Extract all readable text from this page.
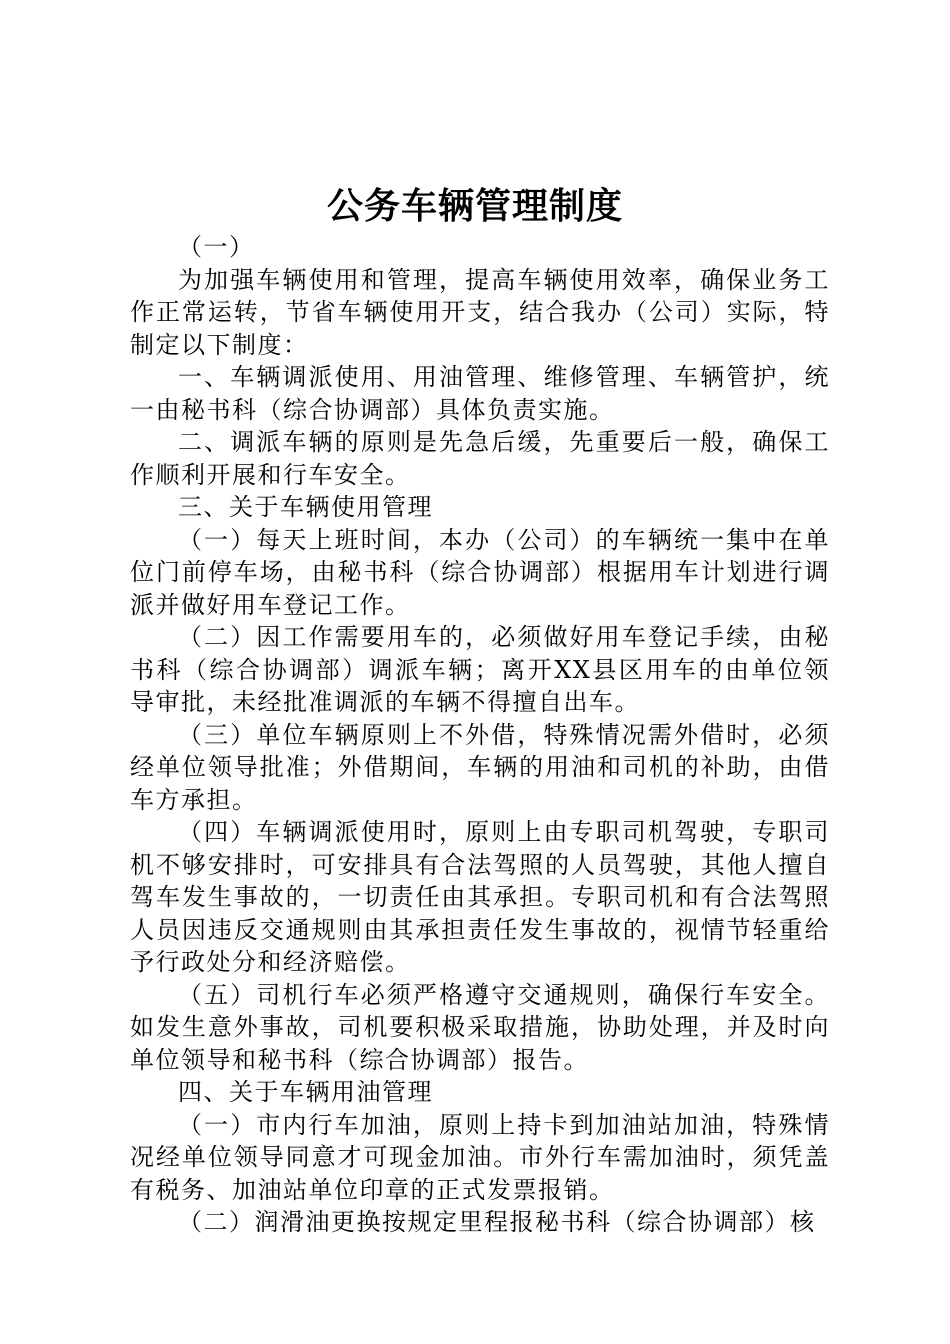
公务车辆管理制度

（一）

为加强车辆使用和管理，提高车辆使用效率，确保业务工作正常运转，节省车辆使用开支，结合我办（公司）实际，特制定以下制度：

一、车辆调派使用、用油管理、维修管理、车辆管护，统一由秘书科（综合协调部）具体负责实施。

二、调派车辆的原则是先急后缓，先重要后一般，确保工作顺利开展和行车安全。

三、关于车辆使用管理

（一）每天上班时间，本办（公司）的车辆统一集中在单位门前停车场，由秘书科（综合协调部）根据用车计划进行调派并做好用车登记工作。

（二）因工作需要用车的，必须做好用车登记手续，由秘书科（综合协调部）调派车辆；离开XX县区用车的由单位领导审批，未经批准调派的车辆不得擅自出车。

（三）单位车辆原则上不外借，特殊情况需外借时，必须经单位领导批准；外借期间，车辆的用油和司机的补助，由借车方承担。

（四）车辆调派使用时，原则上由专职司机驾驶，专职司机不够安排时，可安排具有合法驾照的人员驾驶，其他人擅自驾车发生事故的，一切责任由其承担。专职司机和有合法驾照人员因违反交通规则由其承担责任发生事故的，视情节轻重给予行政处分和经济赔偿。

（五）司机行车必须严格遵守交通规则，确保行车安全。如发生意外事故，司机要积极采取措施，协助处理，并及时向单位领导和秘书科（综合协调部）报告。

四、关于车辆用油管理

（一）市内行车加油，原则上持卡到加油站加油，特殊情况经单位领导同意才可现金加油。市外行车需加油时，须凭盖有税务、加油站单位印章的正式发票报销。

（二）润滑油更换按规定里程报秘书科（综合协调部）核
